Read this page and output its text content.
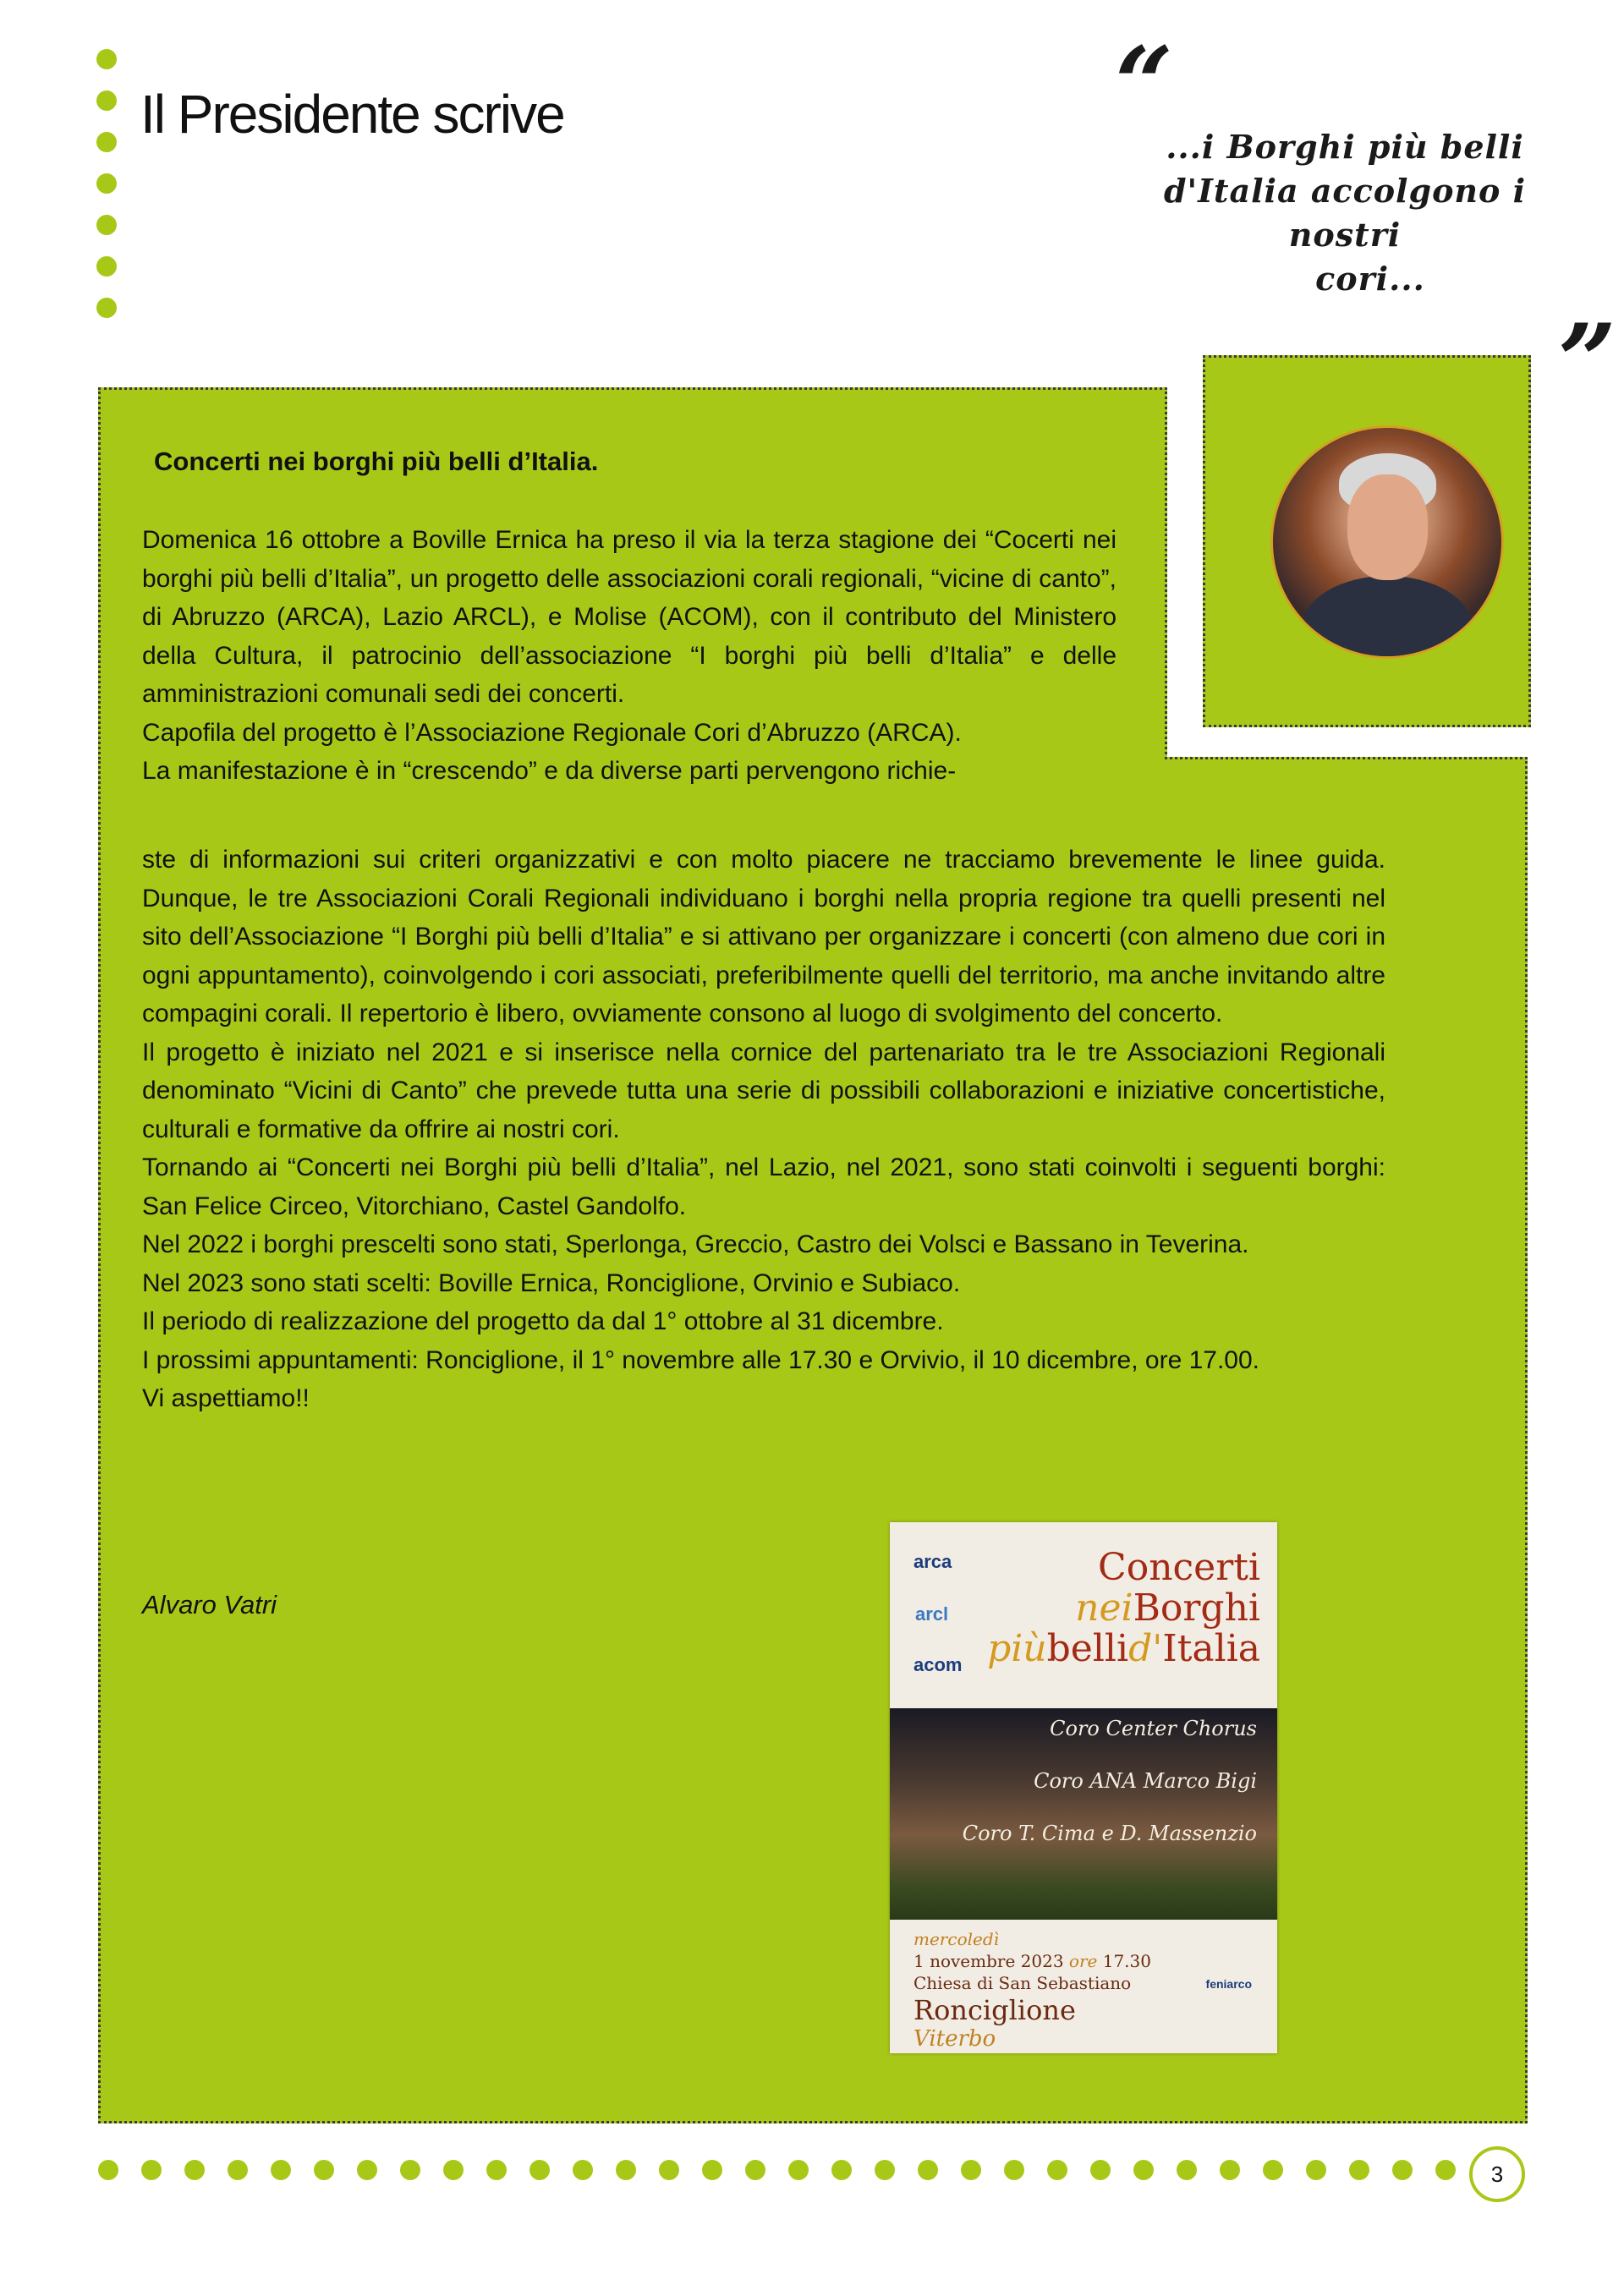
Il Presidente scrive	“
...i Borghi più belli
d'Italia accolgono i nostri
cori...
”
Concerti nei borghi più belli d’Italia.

Domenica 16 ottobre a Boville Ernica ha preso il via la terza stagione dei “Cocerti nei borghi più belli d’Italia”, un progetto delle associazioni corali regionali, “vicine di canto”, di Abruzzo (ARCA), Lazio ARCL), e Molise (ACOM), con il contributo del Ministero della Cultura, il patrocinio dell’associazione “I borghi più belli d’Italia” e delle amministrazioni comunali sedi dei concerti.

Capofila del progetto è l’Associazione Regionale Cori d’Abruzzo (ARCA).

La manifestazione è in “crescendo” e da diverse parti pervengono richie-

ste di informazioni sui criteri organizzativi e con molto piacere ne tracciamo brevemente le linee guida. Dunque, le tre Associazioni Corali Regionali individuano i borghi nella propria regione tra quelli presenti nel sito dell’Associazione “I Borghi più belli d’Italia” e si attivano per organizzare i concerti (con almeno due cori in ogni appuntamento), coinvolgendo i cori associati, preferibilmente quelli del territorio, ma anche invitando altre compagini corali. Il repertorio è libero, ovviamente consono al luogo di svolgimento del concerto.

Il progetto è iniziato nel 2021 e si inserisce nella cornice del partenariato tra le tre Associazioni Regionali denominato “Vicini di Canto” che prevede tutta una serie di possibili collaborazioni e iniziative concertistiche, culturali e formative da offrire ai nostri cori.

Tornando ai “Concerti nei Borghi più belli d’Italia”, nel Lazio, nel 2021, sono stati coinvolti i seguenti borghi: San Felice Circeo, Vitorchiano, Castel Gandolfo.

Nel 2022 i borghi prescelti sono stati, Sperlonga, Greccio, Castro dei Volsci e Bassano in Teverina.

Nel 2023 sono stati scelti: Boville Ernica, Ronciglione, Orvinio e Subiaco.

Il periodo di realizzazione del progetto da dal 1° ottobre al 31 dicembre.

I prossimi appuntamenti: Ronciglione, il 1° novembre alle 17.30 e Orvivio, il 10 dicembre, ore 17.00.

Vi aspettiamo!!

Alvaro Vatri

arca
arcl
acom
Concerti
neiBorghi
piùbellid'Italia
Coro Center Chorus
Coro ANA Marco Bigi
Coro T. Cima e D. Massenzio
mercoledì
1 novembre 2023 ore 17.30
Chiesa di San Sebastiano
Ronciglione
Viterbo
feniarco
3
